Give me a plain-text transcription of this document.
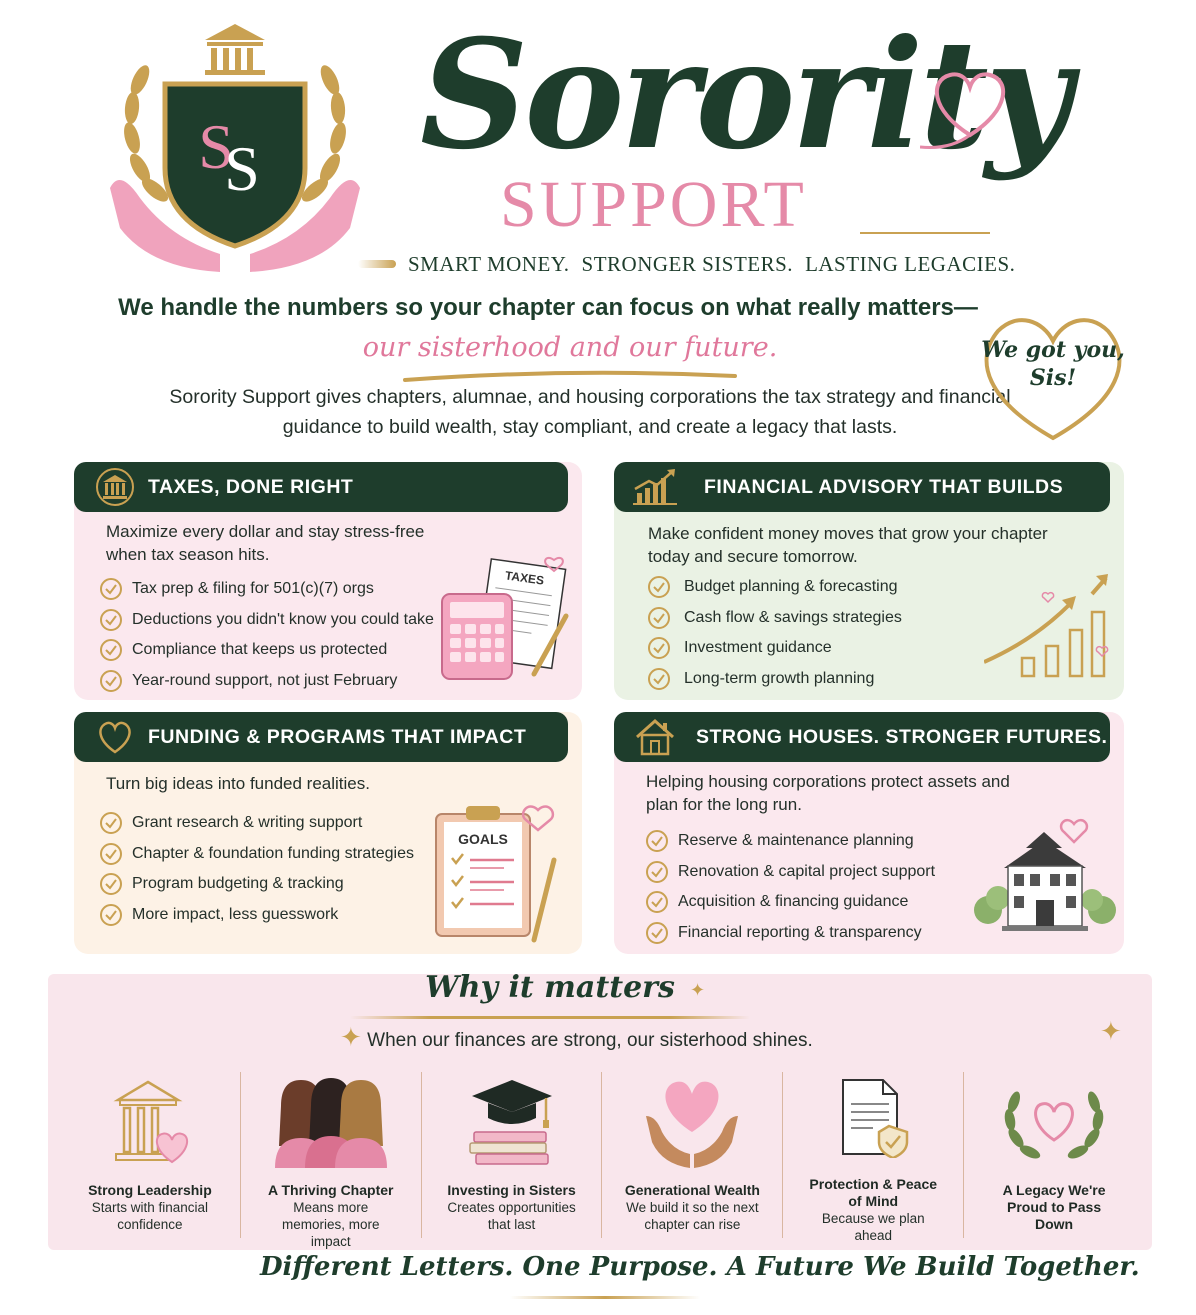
S
S Sorority
SUPPORT
SMART MONEY. STRONGER SISTERS. LASTING LEGACIES.
We handle the numbers so your chapter can focus on what really matters—
our sisterhood and our future.
Sorority Support gives chapters, alumnae, and housing corporations the tax strategy and financial guidance to build wealth, stay compliant, and create a legacy that lasts.
We got you,
Sis!
TAXES, DONE RIGHT
Maximize every dollar and stay stress-free when tax season hits.
Tax prep & filing for 501(c)(7) orgs
Deductions you didn't know you could take
Compliance that keeps us protected
Year-round support, not just February
TAXES
FINANCIAL ADVISORY THAT BUILDS
Make confident money moves that grow your chapter today and secure tomorrow.
Budget planning & forecasting
Cash flow & savings strategies
Investment guidance
Long-term growth planning
FUNDING & PROGRAMS THAT IMPACT
Turn big ideas into funded realities.
Grant research & writing support
Chapter & foundation funding strategies
Program budgeting & tracking
More impact, less guesswork
GOALS
STRONG HOUSES. STRONGER FUTURES.
Helping housing corporations protect assets and plan for the long run.
Reserve & maintenance planning
Renovation & capital project support
Acquisition & financing guidance
Financial reporting & transparency
Why it matters ✦
✦	✦
When our finances are strong, our sisterhood shines.
Strong Leadership
Starts with financial confidence
A Thriving Chapter
Means more memories, more impact
Investing in Sisters
Creates opportunities that last
Generational Wealth
We build it so the next chapter can rise
Protection & Peace of Mind
Because we plan ahead
A Legacy We're Proud to Pass Down
Different Letters. One Purpose. A Future We Build Together.
